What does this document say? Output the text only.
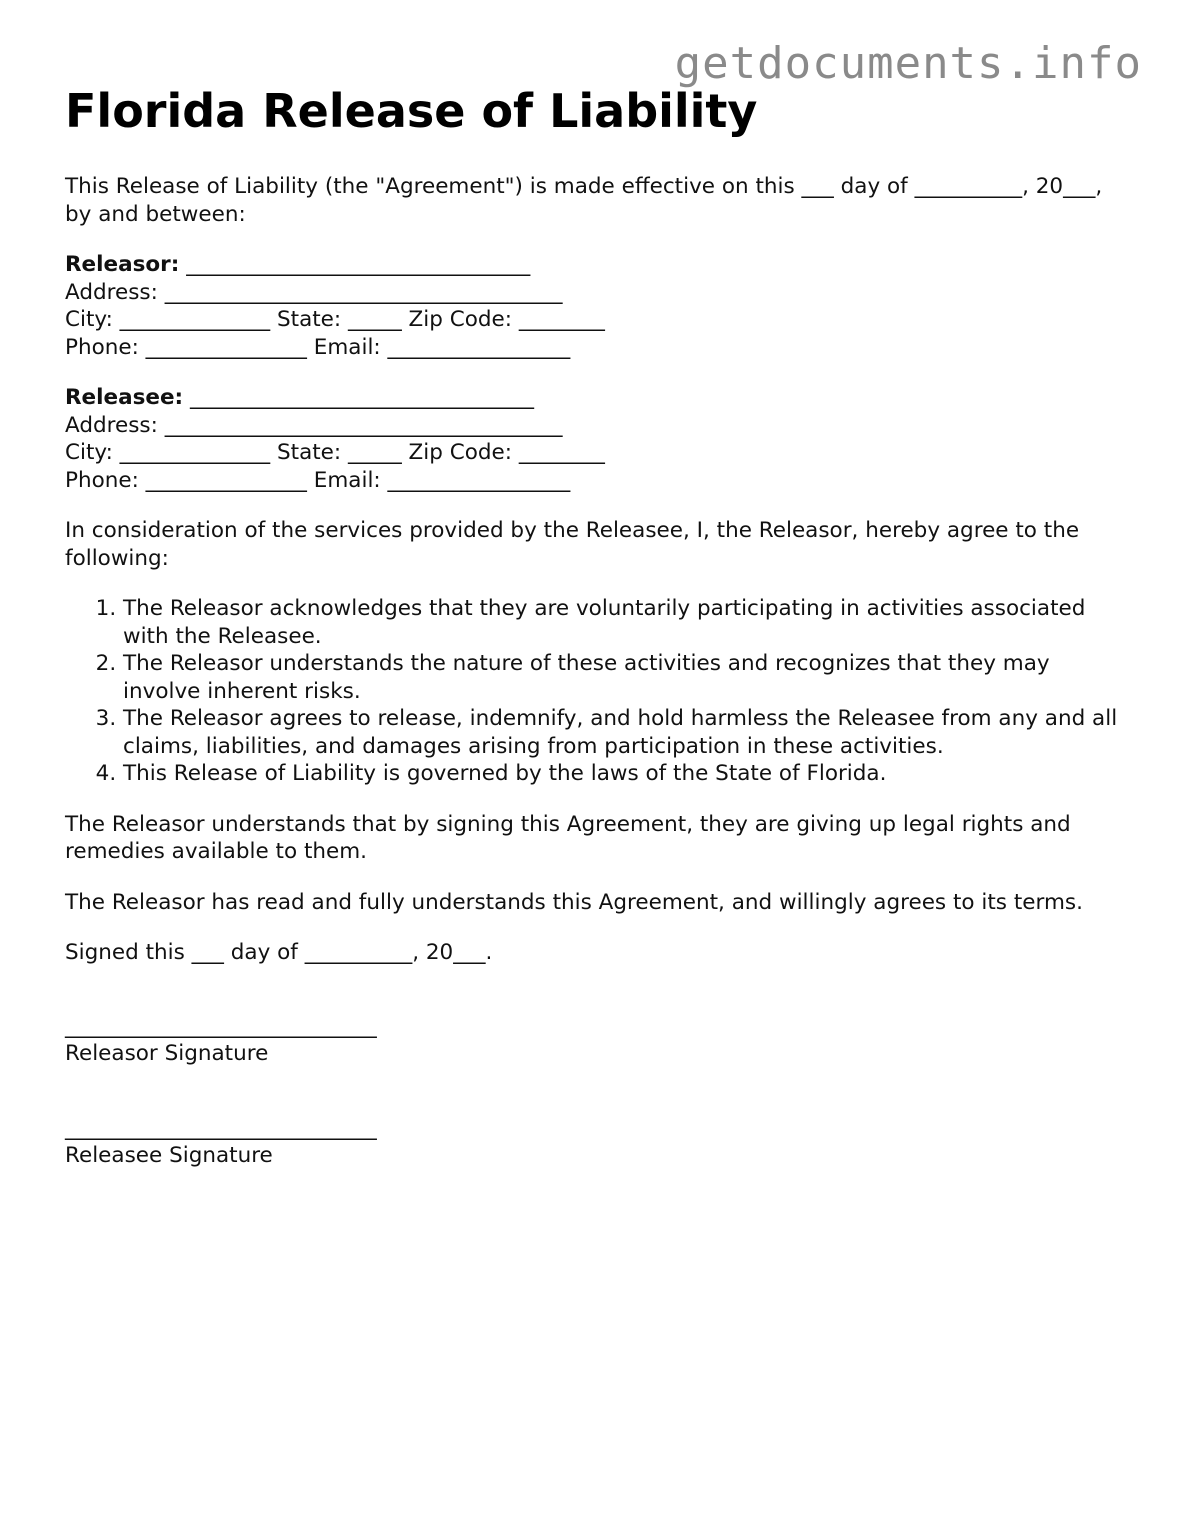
getdocuments.info
Florida Release of Liability

This Release of Liability (the "Agreement") is made effective on this ___ day of __________, 20___, by and between:

Releasor: ________________________________
Address: _____________________________________
City: ______________ State: _____ Zip Code: ________
Phone: _______________ Email: _________________
Releasee: ________________________________
Address: _____________________________________
City: ______________ State: _____ Zip Code: ________
Phone: _______________ Email: _________________

In consideration of the services provided by the Releasee, I, the Releasor, hereby agree to the following:

1. The Releasor acknowledges that they are voluntarily participating in activities associated with the Releasee.
2. The Releasor understands the nature of these activities and recognizes that they may involve inherent risks.
3. The Releasor agrees to release, indemnify, and hold harmless the Releasee from any and all claims, liabilities, and damages arising from participation in these activities.
4. This Release of Liability is governed by the laws of the State of Florida.

The Releasor understands that by signing this Agreement, they are giving up legal rights and remedies available to them.

The Releasor has read and fully understands this Agreement, and willingly agrees to its terms.

Signed this ___ day of __________, 20___.

_____________________________
Releasor Signature
_____________________________
Releasee Signature
